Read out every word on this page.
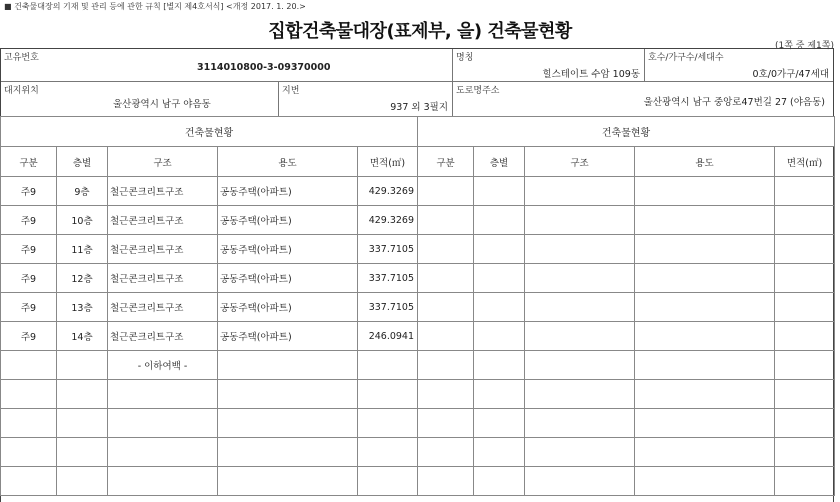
■ 건축물대장의 기재 및 관리 등에 관한 규칙 [별지 제4호서식] <개정 2017. 1. 20.>
집합건축물대장(표제부, 을) 건축물현황
(1쪽 중 제1쪽)
고유번호
3114010800-3-09370000
명칭
힐스테이트 수암 109동
호수/가구수/세대수
0호/0가구/47세대
대지위치
울산광역시 남구 야음동
지번
937 외 3필지
도로명주소
울산광역시 남구 중앙로47번길 27 (야음동)
건축물현황					건축물현황				
구분	층별	구조	용도	면적(㎡)	구분	층별	구조	용도	면적(㎡)
주9	9층	철근콘크리트구조	공동주택(아파트)	429.3269					
주9	10층	철근콘크리트구조	공동주택(아파트)	429.3269					
주9	11층	철근콘크리트구조	공동주택(아파트)	337.7105					
주9	12층	철근콘크리트구조	공동주택(아파트)	337.7105					
주9	13층	철근콘크리트구조	공동주택(아파트)	337.7105					
주9	14층	철근콘크리트구조	공동주택(아파트)	246.0941					
		- 이하여백 -							
